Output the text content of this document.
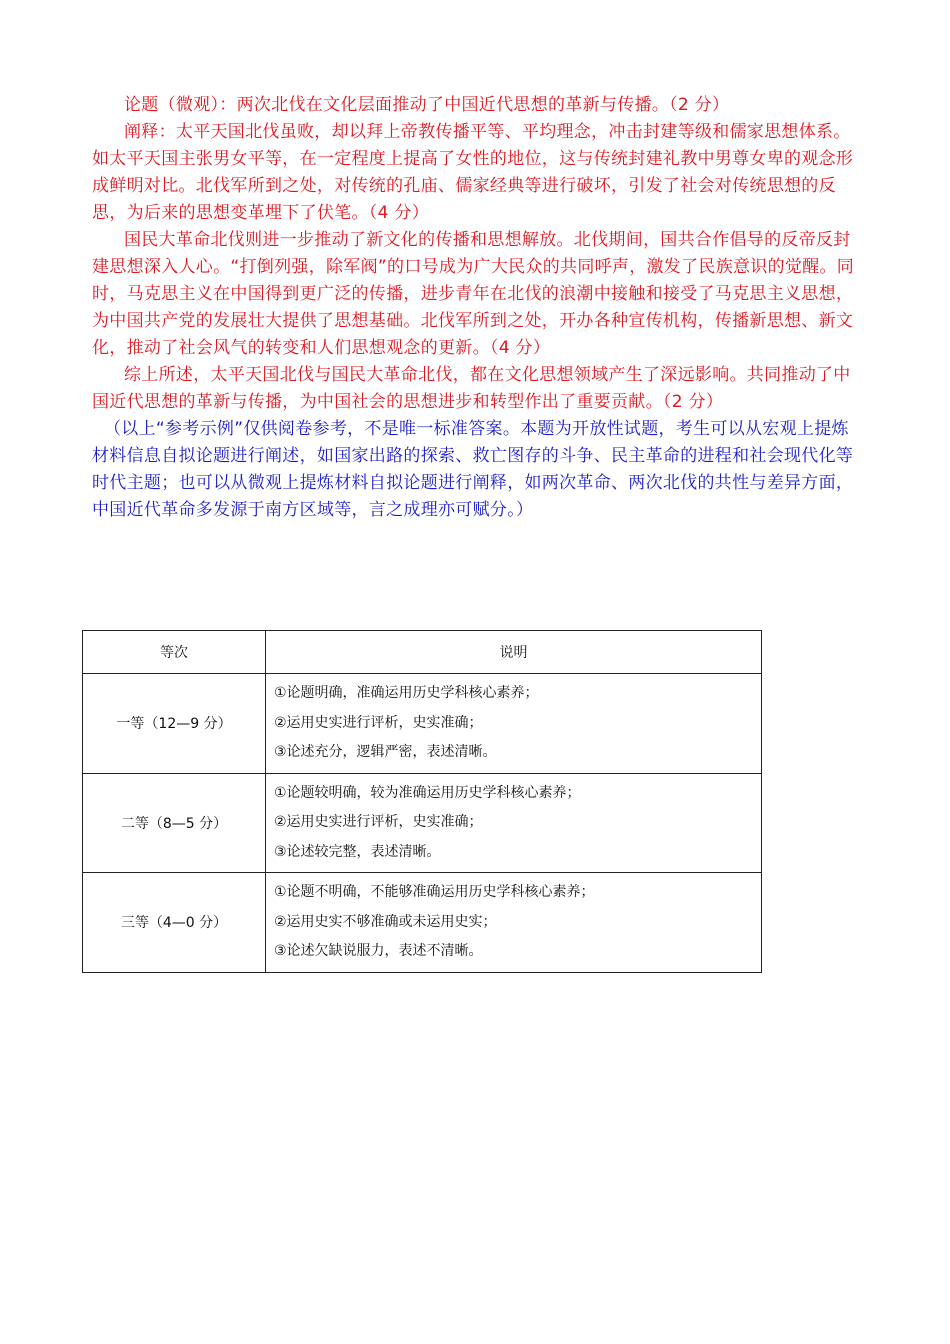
论题（微观）：两次北伐在文化层面推动了中国近代思想的革新与传播。（2 分）

阐释：太平天国北伐虽败，却以拜上帝教传播平等、平均理念，冲击封建等级和儒家思想体系。如太平天国主张男女平等，在一定程度上提高了女性的地位，这与传统封建礼教中男尊女卑的观念形成鲜明对比。北伐军所到之处，对传统的孔庙、儒家经典等进行破坏，引发了社会对传统思想的反思，为后来的思想变革埋下了伏笔。（4 分）

国民大革命北伐则进一步推动了新文化的传播和思想解放。北伐期间，国共合作倡导的反帝反封建思想深入人心。“打倒列强，除军阀”的口号成为广大民众的共同呼声，激发了民族意识的觉醒。同时，马克思主义在中国得到更广泛的传播，进步青年在北伐的浪潮中接触和接受了马克思主义思想，为中国共产党的发展壮大提供了思想基础。北伐军所到之处，开办各种宣传机构，传播新思想、新文化，推动了社会风气的转变和人们思想观念的更新。（4 分）

综上所述，太平天国北伐与国民大革命北伐，都在文化思想领域产生了深远影响。共同推动了中国近代思想的革新与传播，为中国社会的思想进步和转型作出了重要贡献。（2 分）

（以上“参考示例”仅供阅卷参考，不是唯一标准答案。本题为开放性试题，考生可以从宏观上提炼材料信息自拟论题进行阐述，如国家出路的探索、救亡图存的斗争、民主革命的进程和社会现代化等时代主题；也可以从微观上提炼材料自拟论题进行阐释，如两次革命、两次北伐的共性与差异方面，中国近代革命多发源于南方区域等，言之成理亦可赋分。）

等次	说明
一等（12—9 分）	①论题明确，准确运用历史学科核心素养；
②运用史实进行评析，史实准确；
③论述充分，逻辑严密，表述清晰。

二等（8—5 分）	①论题较明确，较为准确运用历史学科核心素养；
②运用史实进行评析，史实准确；
③论述较完整，表述清晰。

三等（4—0 分）	①论题不明确，不能够准确运用历史学科核心素养；
②运用史实不够准确或未运用史实；
③论述欠缺说服力，表述不清晰。
